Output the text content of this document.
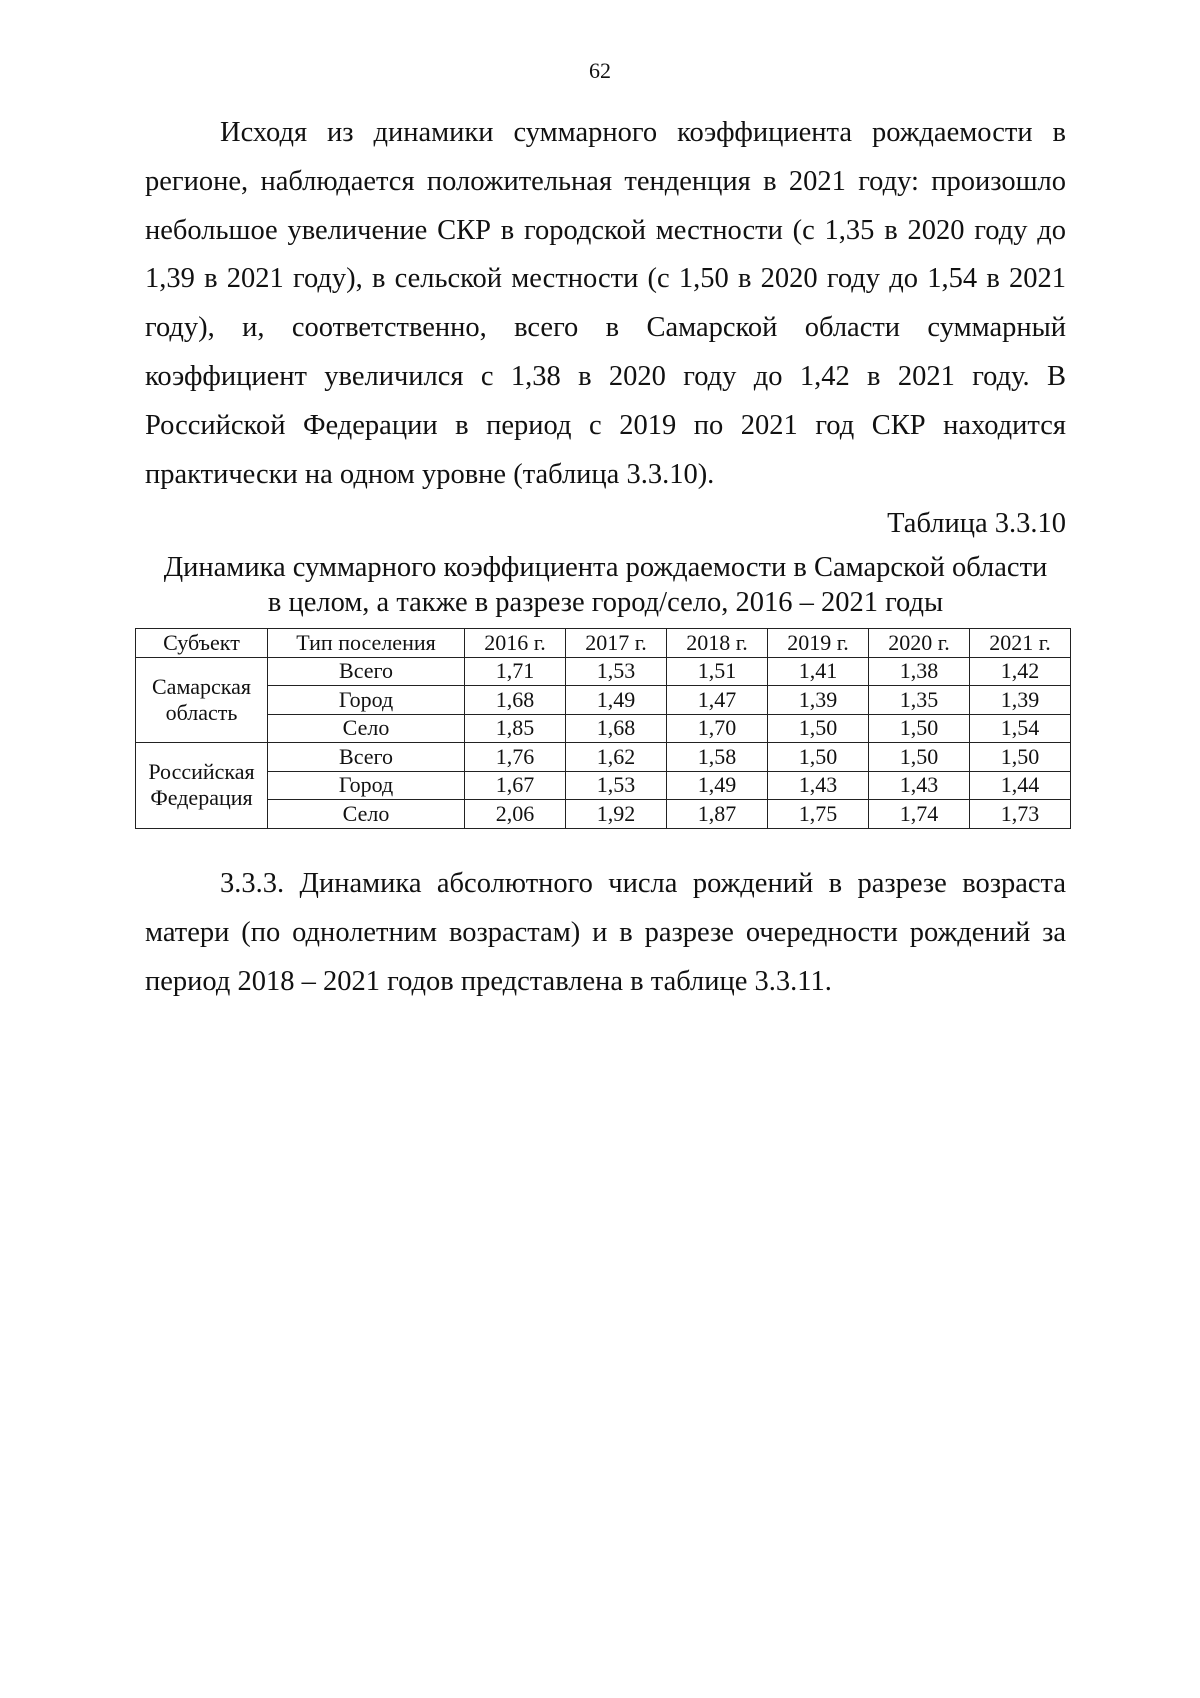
62

Исходя из динамики суммарного коэффициента рождаемости в регионе, наблюдается положительная тенденция в 2021 году: произошло небольшое увеличение СКР в городской местности (с 1,35 в 2020 году до 1,39 в 2021 году), в сельской местности (с 1,50 в 2020 году до 1,54 в 2021 году), и, соответственно, всего в Самарской области суммарный коэффициент увеличился с 1,38 в 2020 году до 1,42 в 2021 году. В Российской Федерации в период с 2019 по 2021 год СКР находится практически на одном уровне (таблица 3.3.10).

Таблица 3.3.10
Динамика суммарного коэффициента рождаемости в Самарской области
в целом, а также в разрезе город/село, 2016 – 2021 годы
Субъект	Тип поселения	2016 г.	2017 г.	2018 г.	2019 г.	2020 г.	2021 г.

Самарская
область	Всего	1,71	1,53	1,51	1,41	1,38	1,42
	Город	1,68	1,49	1,47	1,39	1,35	1,39
	Село	1,85	1,68	1,70	1,50	1,50	1,54

Российская
Федерация	Всего	1,76	1,62	1,58	1,50	1,50	1,50
	Город	1,67	1,53	1,49	1,43	1,43	1,44
	Село	2,06	1,92	1,87	1,75	1,74	1,73

3.3.3. Динамика абсолютного числа рождений в разрезе возраста матери (по однолетним возрастам) и в разрезе очередности рождений за период 2018 – 2021 годов представлена в таблице 3.3.11.
